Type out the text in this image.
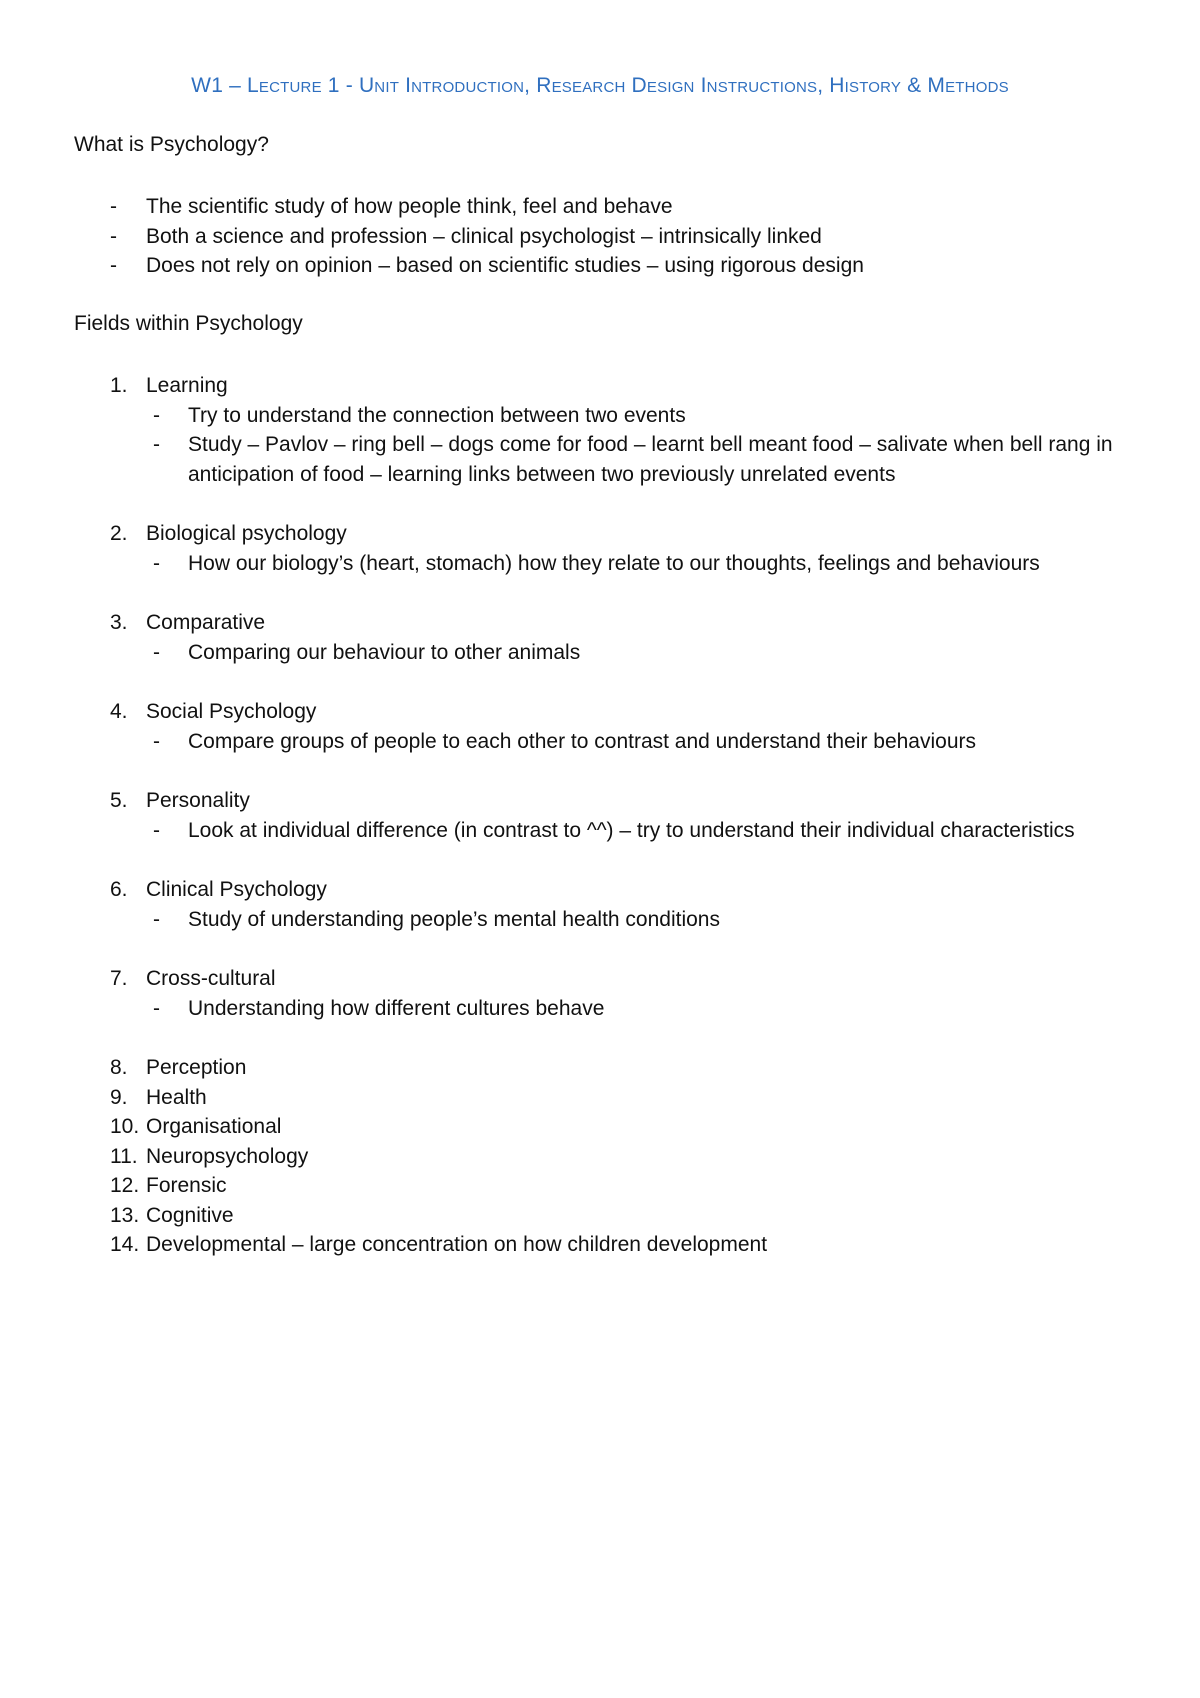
W1 – Lecture 1 - Unit Introduction, Research Design Instructions, History & Methods
What is Psychology?
- The scientific study of how people think, feel and behave
- Both a science and profession – clinical psychologist – intrinsically linked
- Does not rely on opinion – based on scientific studies – using rigorous design
Fields within Psychology
1. Learning
- Try to understand the connection between two events
- Study – Pavlov – ring bell – dogs come for food – learnt bell meant food – salivate when bell rang in anticipation of food – learning links between two previously unrelated events
2. Biological psychology
- How our biology’s (heart, stomach) how they relate to our thoughts, feelings and behaviours
3. Comparative
- Comparing our behaviour to other animals
4. Social Psychology
- Compare groups of people to each other to contrast and understand their behaviours
5. Personality
- Look at individual difference (in contrast to ^^) – try to understand their individual characteristics
6. Clinical Psychology
- Study of understanding people’s mental health conditions
7. Cross-cultural
- Understanding how different cultures behave
8. Perception
9. Health
10. Organisational
11. Neuropsychology
12. Forensic
13. Cognitive
14. Developmental – large concentration on how children development
